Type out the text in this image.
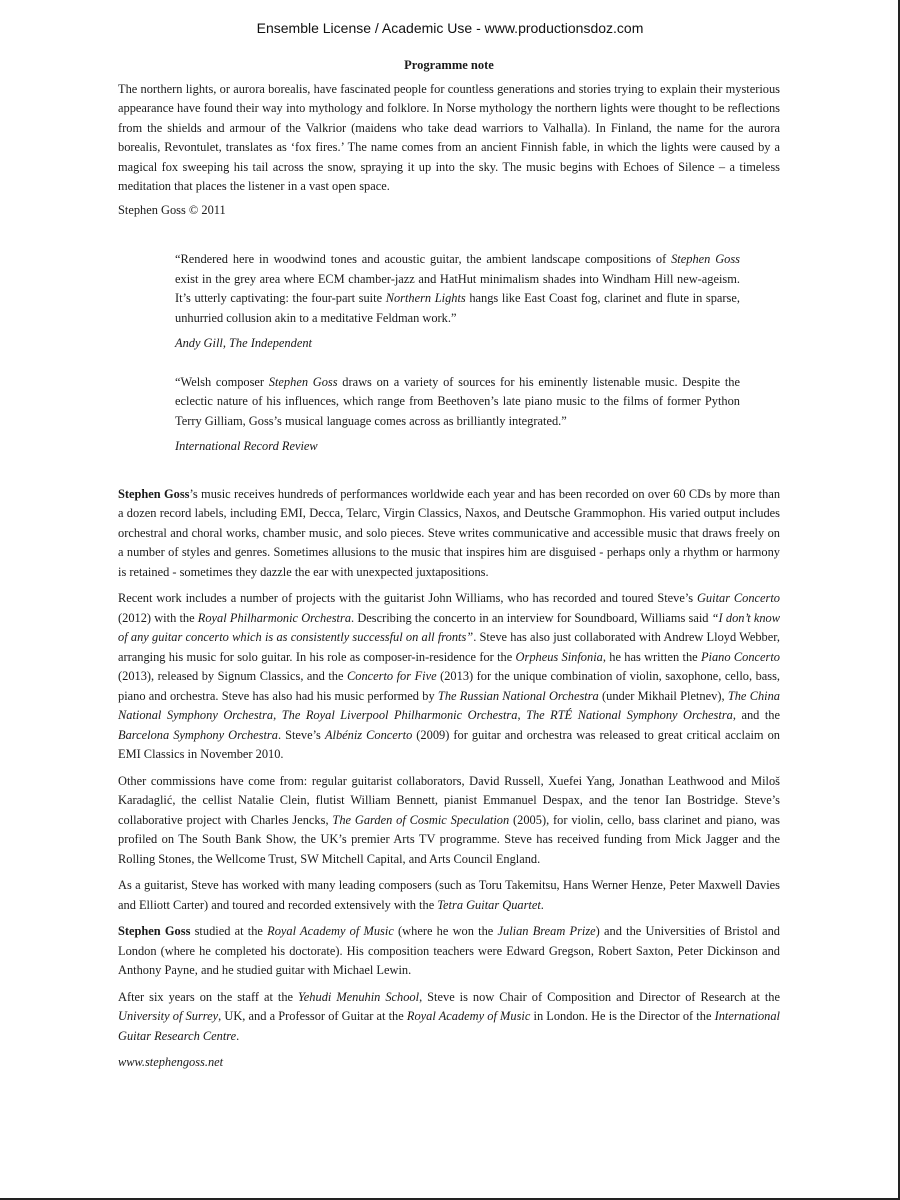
Ensemble License / Academic Use - www.productionsdoz.com

Programme note

The northern lights, or aurora borealis, have fascinated people for countless generations and stories trying to explain their mysterious appearance have found their way into mythology and folklore. In Norse mythology the northern lights were thought to be reflections from the shields and armour of the Valkrior (maidens who take dead warriors to Valhalla). In Finland, the name for the aurora borealis, Revontulet, translates as ‘fox fires.’ The name comes from an ancient Finnish fable, in which the lights were caused by a magical fox sweeping his tail across the snow, spraying it up into the sky. The music begins with Echoes of Silence – a timeless meditation that places the listener in a vast open space.

Stephen Goss © 2011

“Rendered here in woodwind tones and acoustic guitar, the ambient landscape compositions of Stephen Goss exist in the grey area where ECM chamber-jazz and HatHut minimalism shades into Windham Hill new-ageism. It’s utterly captivating: the four-part suite Northern Lights hangs like East Coast fog, clarinet and flute in sparse, unhurried collusion akin to a meditative Feldman work.”

Andy Gill, The Independent

“Welsh composer Stephen Goss draws on a variety of sources for his eminently listenable music. Despite the eclectic nature of his influences, which range from Beethoven’s late piano music to the films of former Python Terry Gilliam, Goss’s musical language comes across as brilliantly integrated.”

International Record Review

Stephen Goss’s music receives hundreds of performances worldwide each year and has been recorded on over 60 CDs by more than a dozen record labels, including EMI, Decca, Telarc, Virgin Classics, Naxos, and Deutsche Grammophon. His varied output includes orchestral and choral works, chamber music, and solo pieces. Steve writes communicative and accessible music that draws freely on a number of styles and genres. Sometimes allusions to the music that inspires him are disguised - perhaps only a rhythm or harmony is retained - sometimes they dazzle the ear with unexpected juxtapositions.

Recent work includes a number of projects with the guitarist John Williams, who has recorded and toured Steve’s Guitar Concerto (2012) with the Royal Philharmonic Orchestra. Describing the concerto in an interview for Soundboard, Williams said “I don’t know of any guitar concerto which is as consistently successful on all fronts”. Steve has also just collaborated with Andrew Lloyd Webber, arranging his music for solo guitar. In his role as composer-in-residence for the Orpheus Sinfonia, he has written the Piano Concerto (2013), released by Signum Classics, and the Concerto for Five (2013) for the unique combination of violin, saxophone, cello, bass, piano and orchestra. Steve has also had his music performed by The Russian National Orchestra (under Mikhail Pletnev), The China National Symphony Orchestra, The Royal Liverpool Philharmonic Orchestra, The RTÉ National Symphony Orchestra, and the Barcelona Symphony Orchestra. Steve’s Albéniz Concerto (2009) for guitar and orchestra was released to great critical acclaim on EMI Classics in November 2010.

Other commissions have come from: regular guitarist collaborators, David Russell, Xuefei Yang, Jonathan Leathwood and Miloš Karadaglić, the cellist Natalie Clein, flutist William Bennett, pianist Emmanuel Despax, and the tenor Ian Bostridge. Steve’s collaborative project with Charles Jencks, The Garden of Cosmic Speculation (2005), for violin, cello, bass clarinet and piano, was profiled on The South Bank Show, the UK’s premier Arts TV programme. Steve has received funding from Mick Jagger and the Rolling Stones, the Wellcome Trust, SW Mitchell Capital, and Arts Council England.

As a guitarist, Steve has worked with many leading composers (such as Toru Takemitsu, Hans Werner Henze, Peter Maxwell Davies and Elliott Carter) and toured and recorded extensively with the Tetra Guitar Quartet.

Stephen Goss studied at the Royal Academy of Music (where he won the Julian Bream Prize) and the Universities of Bristol and London (where he completed his doctorate). His composition teachers were Edward Gregson, Robert Saxton, Peter Dickinson and Anthony Payne, and he studied guitar with Michael Lewin.

After six years on the staff at the Yehudi Menuhin School, Steve is now Chair of Composition and Director of Research at the University of Surrey, UK, and a Professor of Guitar at the Royal Academy of Music in London. He is the Director of the International Guitar Research Centre.

www.stephengoss.net
